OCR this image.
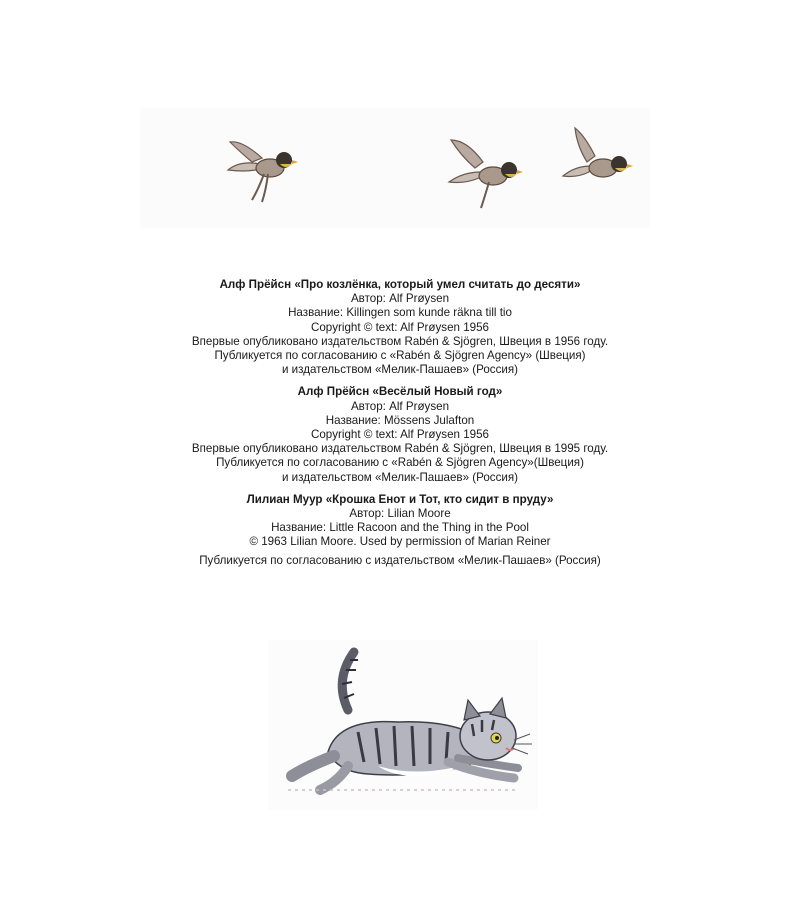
Алф Прёйсн «Про козлёнка, который умел считать до десяти»
Автор: Alf Prøysen
Название: Killingen som kunde räkna till tio
Copyright © text: Alf Prøysen 1956
Впервые опубликовано издательством Rabén & Sjögren, Швеция в 1956 году.
Публикуется по согласованию с «Rabén & Sjögren Agency» (Швеция)
и издательством «Мелик-Пашаев» (Россия)
Алф Прёйсн «Весёлый Новый год»
Автор: Alf Prøysen
Название: Mössens Julafton
Copyright © text: Alf Prøysen 1956
Впервые опубликовано издательством Rabén & Sjögren, Швеция в 1995 году.
Публикуется по согласованию с «Rabén & Sjögren Agency»(Швеция)
и издательством «Мелик-Пашаев» (Россия)
Лилиан Муур «Крошка Енот и Тот, кто сидит в пруду»
Автор: Lilian Moore
Название: Little Racoon and the Thing in the Pool
© 1963 Lilian Moore. Used by permission of Marian Reiner
Публикуется по согласованию с издательством «Мелик-Пашаев» (Россия)
